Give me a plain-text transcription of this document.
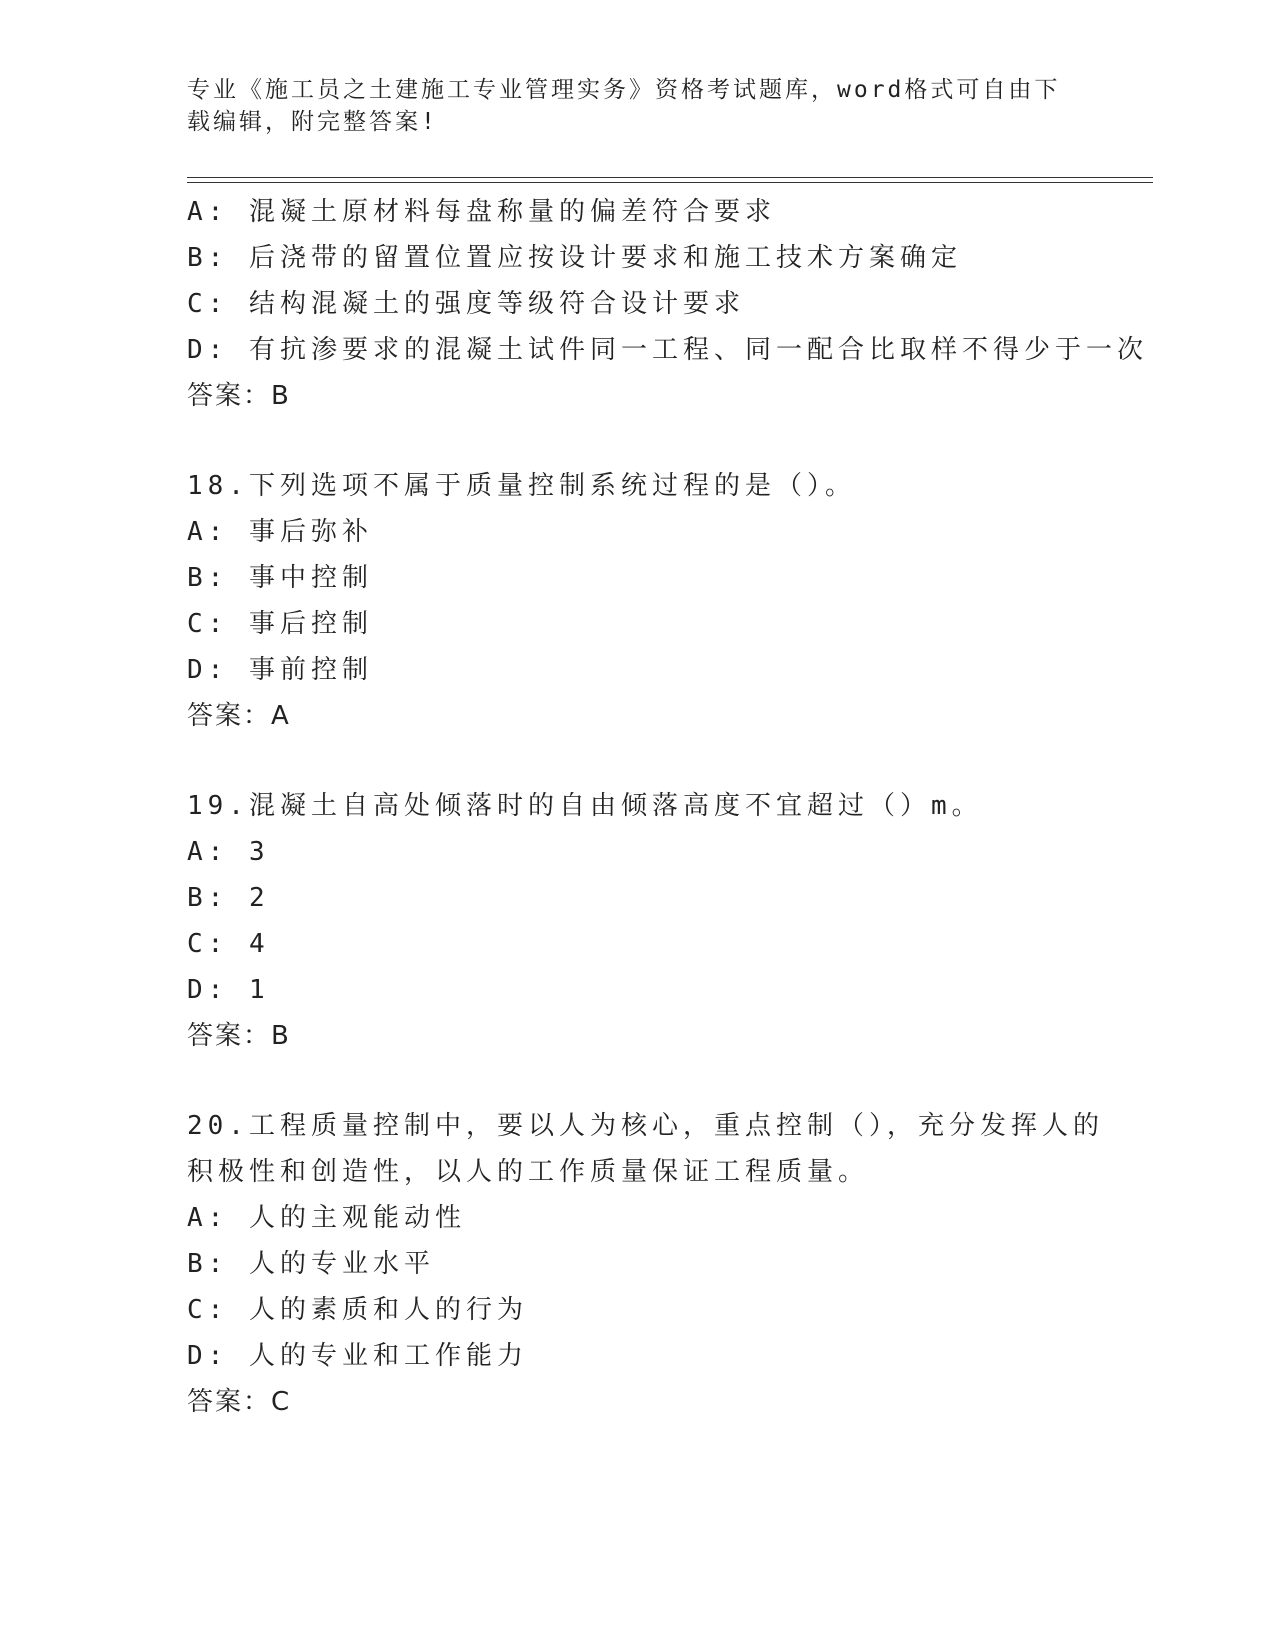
专业《施工员之土建施工专业管理实务》资格考试题库，word格式可自由下载编辑，附完整答案!
A: 混凝土原材料每盘称量的偏差符合要求
B: 后浇带的留置位置应按设计要求和施工技术方案确定
C: 结构混凝土的强度等级符合设计要求
D: 有抗渗要求的混凝土试件同一工程、同一配合比取样不得少于一次
答案：B
18.下列选项不属于质量控制系统过程的是（）。
A: 事后弥补
B: 事中控制
C: 事后控制
D: 事前控制
答案：A
19.混凝土自高处倾落时的自由倾落高度不宜超过（）m。
A: 3
B: 2
C: 4
D: 1
答案：B
20.工程质量控制中，要以人为核心，重点控制（），充分发挥人的积极性和创造性，以人的工作质量保证工程质量。
A: 人的主观能动性
B: 人的专业水平
C: 人的素质和人的行为
D: 人的专业和工作能力
答案：C
